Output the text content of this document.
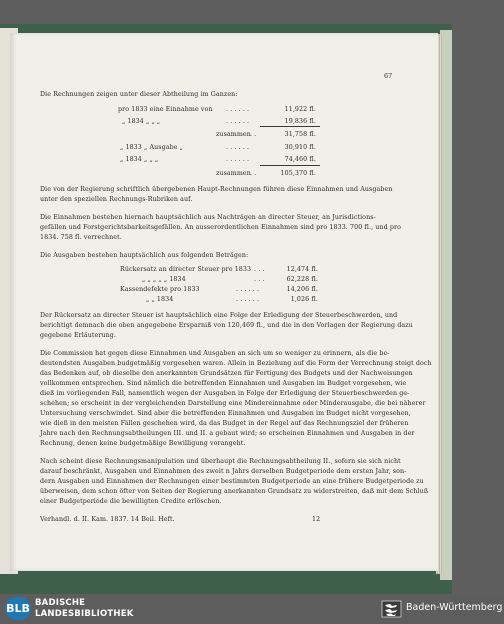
67
Die Rechnungen zeigen unter dieser Abtheilung im Ganzen:
pro 1833 eine Einnahme von . . . . . .	11,922 fl.
„ 1834 „ „ „	. . . . . .	19,836 fl.
zusammen . .	31,758 fl.
„ 1833 „ Ausgabe „	. . . . . .	30,910 fl.
„ 1834 „ „ „	. . . . . .	74,460 fl.
zusammen . .	105,370 fl.
Die von der Regierung schriftlich übergebenen Haupt-Rechnungen führen diese Einnahmen und Ausgaben
unter den speziellen Rechnungs-Rubriken auf.
Die Einnahmen bestehen hiernach hauptsächlich aus Nachträgen an directer Steuer, an Jurisdictions-
gefällen und Forstgerichtsbarkeitsgefällen. An ausserordentlichen Einnahmen sind pro 1833. 700 fl., und pro
1834. 758 fl. verrechnet.
Die Ausgaben bestehen hauptsächlich aus folgenden Beträgen:
Rückersatz an directer Steuer pro 1833 . . .	12,474 fl.
„ „ „ „ „ 1834	. . .	62,228 fl.
Kassendefekte pro 1833	. . . . . .	14,206 fl.
„ „ 1834	. . . . . .	1,026 fl.
Der Rückersatz an directer Steuer ist hauptsächlich eine Folge der Erledigung der Steuerbeschwerden, und
berichtigt demnach die oben angegebene Ersparniß von 120,469 fl., und die in den Vorlagen der Regierung dazu
gegebene Erläuterung.
Die Commission hat gegen diese Einnahmen und Ausgaben an sich um so weniger zu erinnern, als die be-
deutendsten Ausgaben budgetmäßig vorgesehen waren. Allein in Beziehung auf die Form der Verrechnung steigt doch
das Bedenken auf, ob dieselbe den anerkannten Grundsätzen für Fertigung des Budgets und der Nachweisungen
vollkommen entsprechen. Sind nämlich die betreffenden Einnahmen und Ausgaben im Budget vorgesehen, wie
dieß im vorliegenden Fall, namentlich wegen der Ausgaben in Folge der Erledigung der Steuerbeschwerden ge-
schehen; so erscheint in der vergleichenden Darstellung eine Mindereinnahme oder Minderausgabe, die bei näherer
Untersuchung verschwindet. Sind aber die betreffenden Einnahmen und Ausgaben im Budget nicht vorgesehen,
wie dieß in den meisten Fällen geschehen wird, da das Budget in der Regel auf das Rechnungsziel der früheren
Jahre nach den Rechnungsabtheilungen III. und II. a gebaut wird; so erscheinen Einnahmen und Ausgaben in der
Rechnung, denen keine budgetmäßige Bewilligung vorangeht.
Nach scheint diese Rechnungsmanipulation und überhaupt die Rechnungsabtheilung II., sofern sie sich nicht
darauf beschränkt, Ausgaben und Einnahmen des zweit n Jahrs derselben Budgetperiode dem ersten Jahr, son-
dern Ausgaben und Einnahmen der Rechnungen einer bestimmten Budgetperiode an eine frühere Budgetperiode zu
überweisen, dem schon öfter von Seiten der Regierung anerkannten Grundsatz zu widerstreiten, daß mit dem Schluß
einer Budgetperiode die bewilligten Credite erlöschen.
Verhandl. d. II. Kam. 1837. 14 Beil. Heft.	12
BLB BADISCHE
LANDESBIBLIOTHEK
Baden-Württemberg
